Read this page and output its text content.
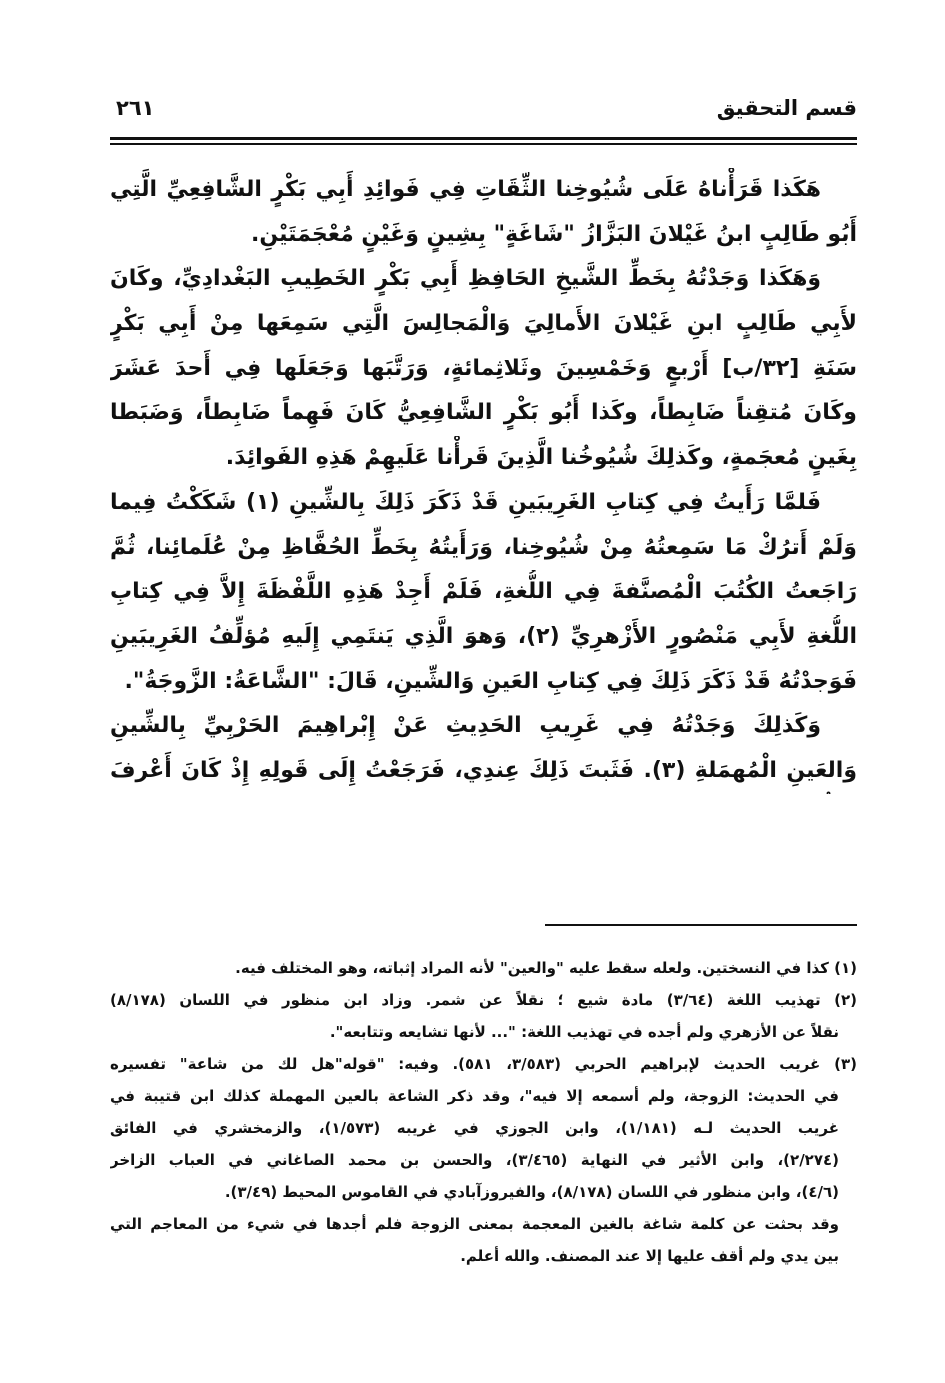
قسم التحقيق
٢٦١
هَكَذا قَرَأْناهُ عَلَى شُيُوخِنا الثِّقَاتِ فِي فَوائِدِ أَبِي بَكْرٍ الشَّافِعِيِّ الَّتِي
أَبُو طَالِبٍ ابنُ غَيْلانَ البَزَّازُ "شَاغَةٍ" بِشِينٍ وَغَيْنٍ مُعْجَمَتَيْنِ.
وَهَكَذا وَجَدْتُهُ بِخَطِّ الشَّيخِ الحَافِظِ أَبِي بَكْرٍ الخَطِيبِ البَغْدادِيِّ، وكَانَ
لأَبِي طَالِبٍ ابنِ غَيْلانَ الأَمالِيَ وَالْمَجالِسَ الَّتِي سَمِعَها مِنْ أَبِي بَكْرٍ
سَنَةِ [٣٢/ب] أَرْبعٍ وَخَمْسِينَ وثَلاثِمائةٍ، وَرَتَّبَها وَجَعَلَها فِي أَحدَ عَشَرَ
وكَانَ مُتقِناً ضَابِطاً، وكَذا أَبُو بَكْرٍ الشَّافِعِيُّ كَانَ فَهِماً ضَابِطاً، وَضَبَطا
بِغَينٍ مُعجَمةٍ، وكَذلِكَ شُيُوخُنا الَّذِينَ قَرأْنا عَلَيهِمْ هَذِهِ الفَوائِدَ.
فَلمَّا رَأَيتُ فِي كِتابِ الغَرِيبَينِ قَدْ ذَكَرَ ذَلِكَ بِالشِّينِ (١) شَكَكْتُ فِيما
وَلَمْ أَترُكْ مَا سَمِعتُهُ مِنْ شُيُوخِنا، وَرَأَيتُهُ بِخَطِّ الحُفَّاظِ مِنْ عُلَمائِنا، ثُمَّ
رَاجَعتُ الكُتُبَ الْمُصنَّفةَ فِي اللُّغةِ، فَلَمْ أَجِدْ هَذِهِ اللَّفْظَةَ إِلاَّ فِي كِتابِ
اللُّغةِ لأَبِي مَنْصُورٍ الأَزْهرِيِّ (٢)، وَهوَ الَّذِي يَنتَمِي إِلَيهِ مُؤلِّفُ الغَرِيبَينِ
فَوَجدْتُهُ قَدْ ذَكَرَ ذَلِكَ فِي كِتابِ العَينِ وَالشِّينِ، قَالَ: "الشَّاعَةُ: الزَّوجَةُ".
وَكَذلِكَ وَجَدْتُهُ فِي غَرِيبِ الحَدِيثِ عَنْ إِبْراهِيمَ الحَرْبِيِّ بِالشِّينِ
وَالعَينِ الْمُهمَلةِ (٣). فَثَبتَ ذَلِكَ عِندِي، فَرَجَعْتُ إِلَى قَولِهِ إِذْ كَانَ أَعْرفَ
(١) كذا في النسختين. ولعله سقط عليه "والعين" لأنه المراد إثباته، وهو المختلف فيه.
(٢) تهذيب اللغة (٣/٦٤) مادة شيع ؛ نقلاً عن شمر. وزاد ابن منظور في اللسان (٨/١٧٨)
نقلاً عن الأزهري ولم أجده في تهذيب اللغة: "... لأنها تشايعه وتتابعه".
(٣) غريب الحديث لإبراهيم الحربي (٣/٥٨٣، ٥٨١). وفيه: "قوله"هل لك من شاعة" تفسيره
في الحديث: الزوجة، ولم أسمعه إلا فيه"، وقد ذكر الشاعة بالعين المهملة كذلك ابن قتيبة في
غريب الحديث لـه (١/١٨١)، وابن الجوزي في غريبه (١/٥٧٣)، والزمخشري في الفائق
(٢/٢٧٤)، وابن الأثير في النهاية (٣/٤٦٥)، والحسن بن محمد الصاغاني في العباب الزاخر
(٤/٦)، وابن منظور في اللسان (٨/١٧٨)، والفيروزآبادي في القاموس المحيط (٣/٤٩).
وقد بحثت عن كلمة شاغة بالغين المعجمة بمعنى الزوجة فلم أجدها في شيء من المعاجم التي
بين يدي ولم أقف عليها إلا عند المصنف. والله أعلم.
